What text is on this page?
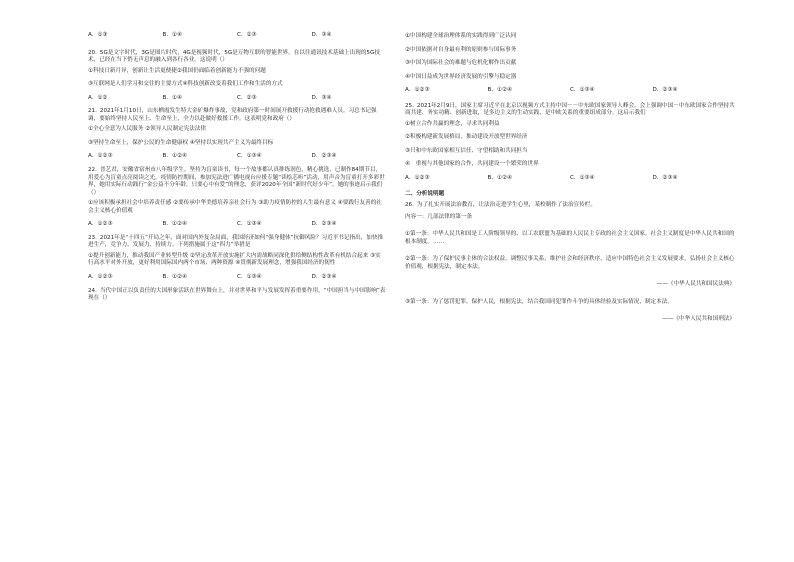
A．①③	B．①④	C．②③	D．③④
20. 5G是文字时代，3G是图片时代，4G是视频时代，5G是万物互联的智能世界。在以往通讯技术基础上出现的5G技术，已经在当下悄无声息的融入到各行各业。这说明（）
①科技日新月异，创新让生活更便捷②我国仍面临着创新能力不强的问题
③互联网是人们学习和交往的主要方式④科技创新改变着我们工作和生活的方式
A．①②	B．①④	C．②③	D．③④
21. 2021年1月10日，山东栖霞发生特大金矿爆炸事故，党和政府第一时间展开救援行动抢救遇难人员。习总书记强调，要始终坚持人民至上、生命至上，全力以赴做好救援工作。这表明党和政府（）
①全心全意为人民服务 ②领导人民制定宪法法律
③坚持生命至上，保护公民的生命健康权 ④坚持以实现共产主义为最终目标
A．①②③	B．①②④	C．①③④	D．②③④
22. 晋艺君，安徽省宿州市八年级学生。坚持为盲童读书，每一个故事都认真排练润色，精心挑选，已制作84期节目，用爱心为盲童点亮阅读之光。疫情防控期间，参加宪法进广播电视台应援专题“读绘芯听”活动，用声音为盲童打开多彩世界，她用实际行动践行“金公益不分年龄，只要心中有爱”的理念，获评2020年全国“新时代好少年”。她的事迹启示我们（）
①应该积极承担社会中培养责任感 ②要传承中华美德培养亲社会行为 ③助力疫情防控的人生最有意义 ④要践行友善的社会主义核心价值观
A．①②③	B．①②④	C．①③④	D．②③④
23. 2021年是“十四五”开局之年，面对国内外复杂局面，我国经济如何“强身健体”抗御风险？习近平书记指出，加快推进生产，竞争力、发展力、持续力。下列措施属于这“四力”举措是
①提升创新能力，推动我国产业转型升级 ②坚定改革开放实施扩大内需战略同深化供给侧结构性改革有机结合起来 ③实行高水平对外开放，更好利用国际国内两个市场、两种资源 ④贯彻新发展理念，增强我国经济的韧性
A．①②③	B．①②④	C．①③④	D．②③④
24. 当代中国正以负责任的大国形象活跃在世界舞台上，并对世界和平与发展发挥着重要作用，“中国担当与中国影响”表现在（）
①中国构建全球治理体系的实践得到广泛认同
②中国依据对自身最有利的原则参与国际事务
③中国为国际社会的难题与危机化解作出贡献
④中国日益成为世界经济发展的引擎与稳定器
A．①②③	B．①②④	C．①③④	D．②③④
25. 2021年2月9日，国家主席习近平在北京以视频方式主持中国－－中东欧国家领导人峰会。会上强调中国－中东欧国家合作坚持共商共建、务实功精、创新进取，是多边主义的生动实践，是中欧关系的重要组成部分。这启示我们
①树立合作共赢的理念，寻求共同利益
②积极构建新发展格局，推动建设开放型世界经济
③只和中东欧国家相互信任、守望相助和共同担当
④　重视与其他国家的合作，共同建设一个繁荣的世界
A．①②③	B．①②④	C．①③④	D．②③④
二、分析说明题
26. 为了扎实开展法治教育，让法治走进学生心里，某校制作了法治宣传栏。
内容一：几部法律的第一条
①第一条：中华人民共和国是工人阶级领导的、以工农联盟为基础的人民民主专政的社会主义国家。社会主义制度是中华人民共和国的根本制度。……
②第一条：为了保护民事主体的合法权益，调整民事关系，维护社会和经济秩序，适应中国特色社会主义发展要求，弘扬社会主义核心价值观，根据宪法，制定本法。
——《中华人民共和国民法典》
③第一条：为了惩罚犯罪，保护人民，根据宪法，结合我国同犯罪作斗争的具体经验及实际情况，制定本法。
——《中华人民共和国刑法》
